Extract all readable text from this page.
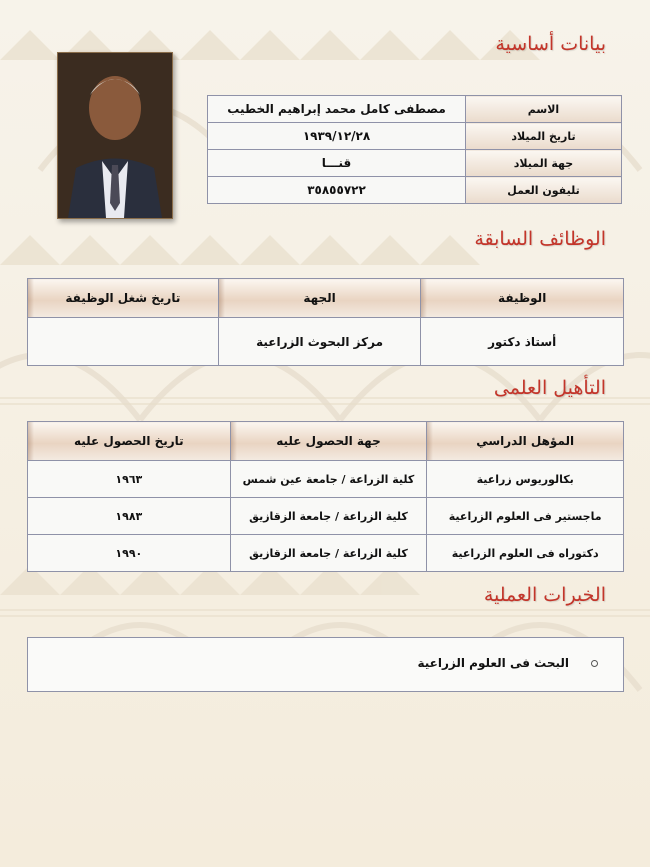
بيانات أساسية
الاسم	مصطفى كامل محمد إبراهيم الخطيب
تاريخ الميلاد	١٩٣٩/١٢/٢٨
جهة الميلاد	قنـــا
تليفون العمل	٣٥٨٥٥٧٢٢
الوظائف السابقة
الوظيفة	الجهة	تاريخ شغل الوظيفة
أستاذ دكتور	مركز البحوث الزراعية	
التأهيل العلمى
المؤهل الدراسي	جهة الحصول عليه	تاريخ الحصول عليه
بكالوريوس زراعية	كلية الزراعة / جامعة عين شمس	١٩٦٣
ماجستير فى العلوم الزراعية	كلية الزراعة / جامعة الزقازيق	١٩٨٣
دكتوراه فى العلوم الزراعية	كلية الزراعة / جامعة الزقازيق	١٩٩٠
الخبرات العملية
البحث فى العلوم الزراعية
